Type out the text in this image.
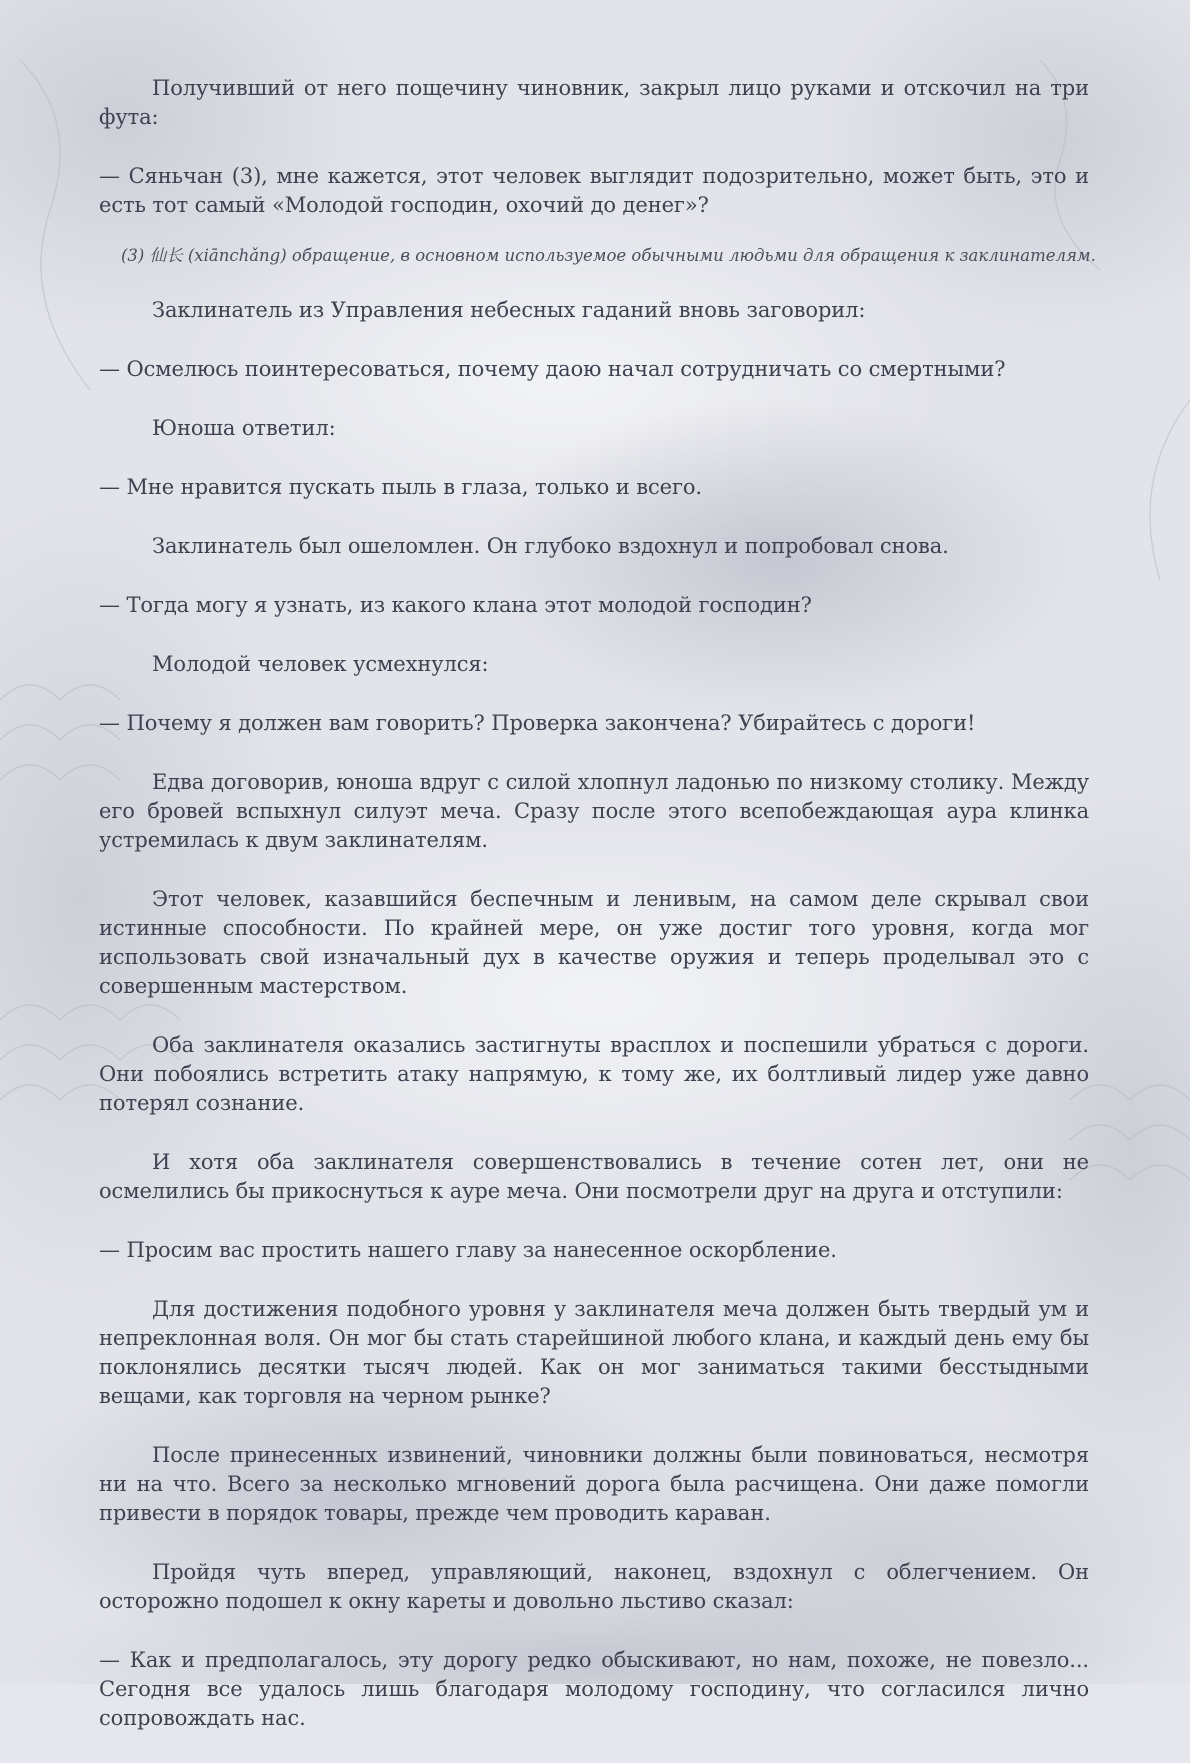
Получивший от него пощечину чиновник, закрыл лицо руками и отскочил на три фута:

— Сяньчан (3), мне кажется, этот человек выглядит подозрительно, может быть, это и есть тот самый «Молодой господин, охочий до денег»?

(3) 仙长 (xiānchǎng) обращение, в основном используемое обычными людьми для обращения к заклинателям.

Заклинатель из Управления небесных гаданий вновь заговорил:

— Осмелюсь поинтересоваться, почему даою начал сотрудничать со смертными?

Юноша ответил:

— Мне нравится пускать пыль в глаза, только и всего.

Заклинатель был ошеломлен. Он глубоко вздохнул и попробовал снова.

— Тогда могу я узнать, из какого клана этот молодой господин?

Молодой человек усмехнулся:

— Почему я должен вам говорить? Проверка закончена? Убирайтесь с дороги!

Едва договорив, юноша вдруг с силой хлопнул ладонью по низкому столику. Между его бровей вспыхнул силуэт меча. Сразу после этого всепобеждающая аура клинка устремилась к двум заклинателям.

Этот человек, казавшийся беспечным и ленивым, на самом деле скрывал свои истинные способности. По крайней мере, он уже достиг того уровня, когда мог использовать свой изначальный дух в качестве оружия и теперь проделывал это с совершенным мастерством.

Оба заклинателя оказались застигнуты врасплох и поспешили убраться с дороги. Они побоялись встретить атаку напрямую, к тому же, их болтливый лидер уже давно потерял сознание.

И хотя оба заклинателя совершенствовались в течение сотен лет, они не осмелились бы прикоснуться к ауре меча. Они посмотрели друг на друга и отступили:

— Просим вас простить нашего главу за нанесенное оскорбление.

Для достижения подобного уровня у заклинателя меча должен быть твердый ум и непреклонная воля. Он мог бы стать старейшиной любого клана, и каждый день ему бы поклонялись десятки тысяч людей. Как он мог заниматься такими бесстыдными вещами, как торговля на черном рынке?

После принесенных извинений, чиновники должны были повиноваться, несмотря ни на что. Всего за несколько мгновений дорога была расчищена. Они даже помогли привести в порядок товары, прежде чем проводить караван.

Пройдя чуть вперед, управляющий, наконец, вздохнул с облегчением. Он осторожно подошел к окну кареты и довольно льстиво сказал:

— Как и предполагалось, эту дорогу редко обыскивают, но нам, похоже, не повезло... Сегодня все удалось лишь благодаря молодому господину, что согласился лично сопровождать нас.
